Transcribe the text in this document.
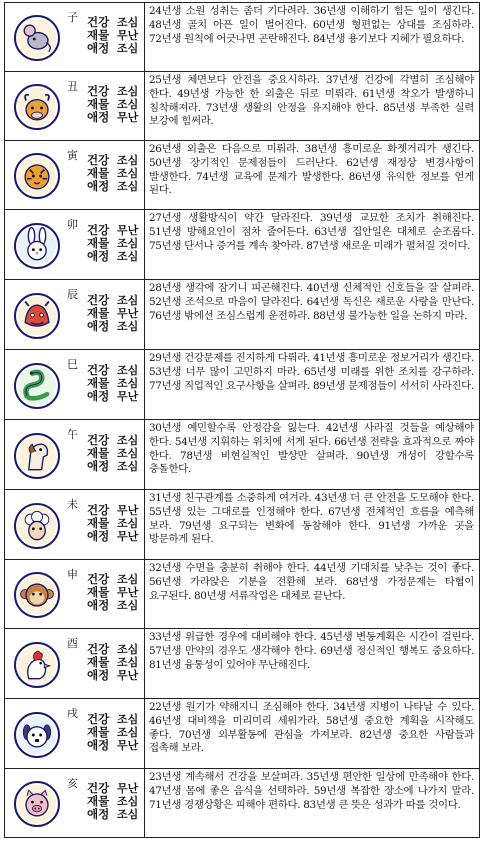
子 건강
재물
애정
조심
무난
조심
24년생 소원 성취는 좀더 기다려라. 36년생 이해하기 힘든 일이 생긴다. 48년생 골치 아픈 일이 벌어진다. 60년생 형편없는 상대를 조심하라. 72년생 원칙에 어긋나면 곤란해진다. 84년생 용기보다 지혜가 필요하다.
丑 건강
재물
애정
조심
조심
무난
25년생 체면보다 안전을 중요시하라. 37년생 건강에 각별히 조심해야 한다. 49년생 가능한 한 외출은 뒤로 미뤄라. 61년생 착오가 발생하니 침착해져라. 73년생 생활의 안정을 유지해야 한다. 85년생 부족한 실력 보강에 힘써라.
寅 건강
재물
애정
조심
조심
조심
26년생 외출은 다음으로 미뤄라. 38년생 흥미로운 화젯거리가 생긴다. 50년생 장기적인 문제점들이 드러난다. 62년생 재정상 변경사항이 발생한다. 74년생 교육에 문제가 발생한다. 86년생 유익한 정보를 얻게 된다.
卯 건강
재물
애정
무난
조심
조심
27년생 생활방식이 약간 달라진다. 39년생 교묘한 조치가 취해진다. 51년생 방해요인이 점차 줄어든다. 63년생 집안일은 대체로 순조롭다. 75년생 단서나 증거를 계속 찾아라. 87년생 새로운 미래가 펼쳐질 것이다.
辰 건강
재물
애정
조심
무난
조심
28년생 생각에 잠기니 피곤해진다. 40년생 신체적인 신호들을 잘 살펴라. 52년생 조석으로 마음이 달라진다. 64년생 독신은 새로운 사랑을 만난다. 76년생 밖에선 조심스럽게 운전하라. 88년생 불가능한 일을 논하지 마라.
巳 건강
재물
애정
조심
조심
무난
29년생 건강문제를 진지하게 다뤄라. 41년생 흥미로운 정보거리가 생긴다. 53년생 너무 많이 고민하지 마라. 65년생 미래를 위한 조치를 강구하라. 77년생 직업적인 요구사항을 살펴라. 89년생 문제점들이 서서히 사라진다.
午 건강
재물
애정
조심
조심
조심
30년생 예민할수록 안정감을 잃는다. 42년생 사라질 것들을 예상해야 한다. 54년생 지휘하는 위치에 서게 된다. 66년생 전략을 효과적으로 짜야 한다. 78년생 비현실적인 발상만 살펴라. 90년생 개성이 강할수록 충돌한다.
未 건강
재물
애정
무난
조심
무난
31년생 친구관계를 소중하게 여겨라. 43년생 더 큰 안전을 도모해야 한다. 55년생 있는 그대로를 인정해야 한다. 67년생 전체적인 흐름을 예측해 보라. 79년생 요구되는 변화에 동참해야 한다. 91년생 가까운 곳을 방문하게 된다.
申 건강
재물
애정
조심
무난
조심
32년생 수면을 충분히 취해야 한다. 44년생 기대치를 낮추는 것이 좋다. 56년생 가라앉은 기분을 전환해 보라. 68년생 가정문제는 타협이 요구된다. 80년생 서류작업은 대체로 끝난다.
酉 건강
재물
애정
조심
조심
무난
33년생 위급한 경우에 대비해야 한다. 45년생 변동계획은 시간이 걸린다. 57년생 만약의 경우도 생각해야 한다. 69년생 정신적인 행복도 중요하다. 81년생 융통성이 있어야 무난해진다.
戌 건강
재물
애정
조심
조심
무난
22년생 원기가 약해지니 조심해야 한다. 34년생 지병이 나타날 수 있다. 46년생 대비책을 미리미리 세워가라. 58년생 중요한 계획을 시작해도 좋다. 70년생 외부활동에 관심을 가져보라. 82년생 중요한 사람들과 접촉해 보라.
亥 건강
재물
애정
무난
조심
조심
23년생 계속해서 건강을 보살펴라. 35년생 편안한 일상에 만족해야 한다. 47년생 몸에 좋은 음식을 선택하라. 59년생 복잡한 장소에 나가지 말라. 71년생 경쟁상황은 피해야 편하다. 83년생 큰 뜻은 성과가 따를 것이다.
